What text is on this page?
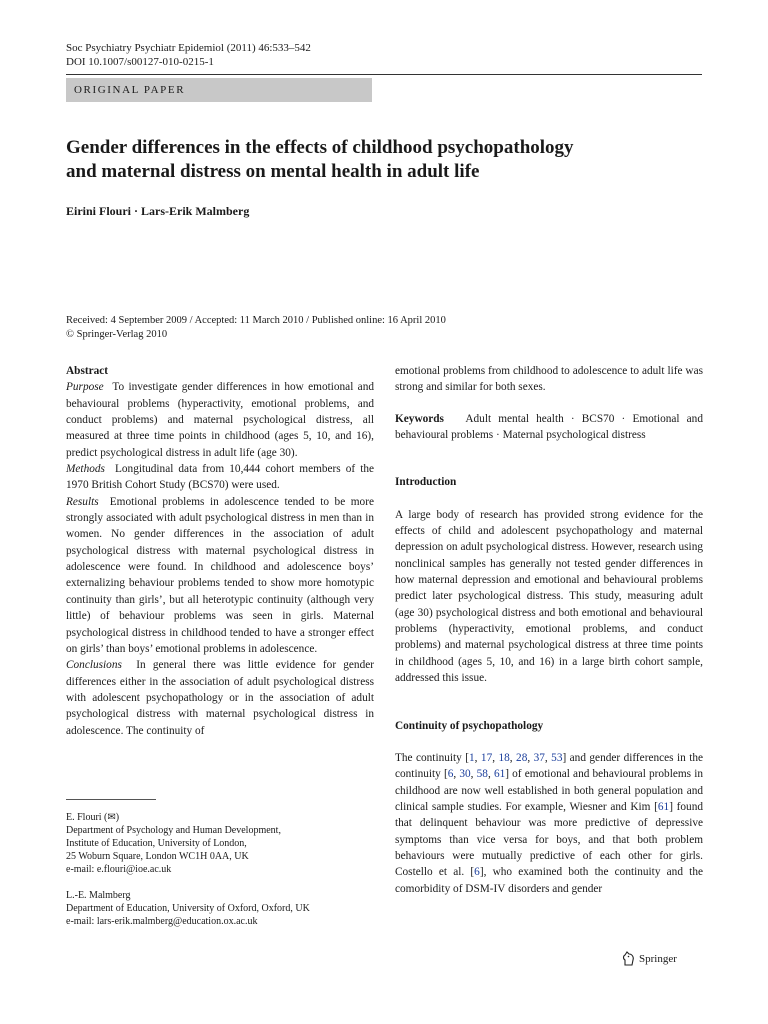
Soc Psychiatry Psychiatr Epidemiol (2011) 46:533–542
DOI 10.1007/s00127-010-0215-1
ORIGINAL PAPER
Gender differences in the effects of childhood psychopathology
and maternal distress on mental health in adult life
Eirini Flouri · Lars-Erik Malmberg
Received: 4 September 2009 / Accepted: 11 March 2010 / Published online: 16 April 2010
© Springer-Verlag 2010

Abstract

Purpose To investigate gender differences in how emotional and behavioural problems (hyperactivity, emotional problems, and conduct problems) and maternal psychological distress, all measured at three time points in childhood (ages 5, 10, and 16), predict psychological distress in adult life (age 30).

Methods Longitudinal data from 10,444 cohort members of the 1970 British Cohort Study (BCS70) were used.

Results Emotional problems in adolescence tended to be more strongly associated with adult psychological distress in men than in women. No gender differences in the association of adult psychological distress with maternal psychological distress in adolescence were found. In childhood and adolescence boys’ externalizing behaviour problems tended to show more homotypic continuity than girls’, but all heterotypic continuity (although very little) of behaviour problems was seen in girls. Maternal psychological distress in childhood tended to have a stronger effect on girls’ than boys’ emotional problems in adolescence.

Conclusions In general there was little evidence for gender differences either in the association of adult psychological distress with adolescent psychopathology or in the association of adult psychological distress with maternal psychological distress in adolescence. The continuity of

E. Flouri (✉)

Department of Psychology and Human Development,

Institute of Education, University of London,

25 Woburn Square, London WC1H 0AA, UK

e-mail: e.flouri@ioe.ac.uk

L.-E. Malmberg

Department of Education, University of Oxford, Oxford, UK

e-mail: lars-erik.malmberg@education.ox.ac.uk

emotional problems from childhood to adolescence to adult life was strong and similar for both sexes.

Keywords Adult mental health · BCS70 · Emotional and behavioural problems · Maternal psychological distress

Introduction

A large body of research has provided strong evidence for the effects of child and adolescent psychopathology and maternal depression on adult psychological distress. However, research using nonclinical samples has generally not tested gender differences in how maternal depression and emotional and behavioural problems predict later psychological distress. This study, measuring adult (age 30) psychological distress and both emotional and behavioural problems (hyperactivity, emotional problems, and conduct problems) and maternal psychological distress at three time points in childhood (ages 5, 10, and 16) in a large birth cohort sample, addressed this issue.

Continuity of psychopathology

The continuity [1, 17, 18, 28, 37, 53] and gender differences in the continuity [6, 30, 58, 61] of emotional and behavioural problems in childhood are now well established in both general population and clinical sample studies. For example, Wiesner and Kim [61] found that delinquent behaviour was more predictive of depressive symptoms than vice versa for boys, and that both problem behaviours were mutually predictive of each other for girls. Costello et al. [6], who examined both the continuity and the comorbidity of DSM-IV disorders and gender

Springer
